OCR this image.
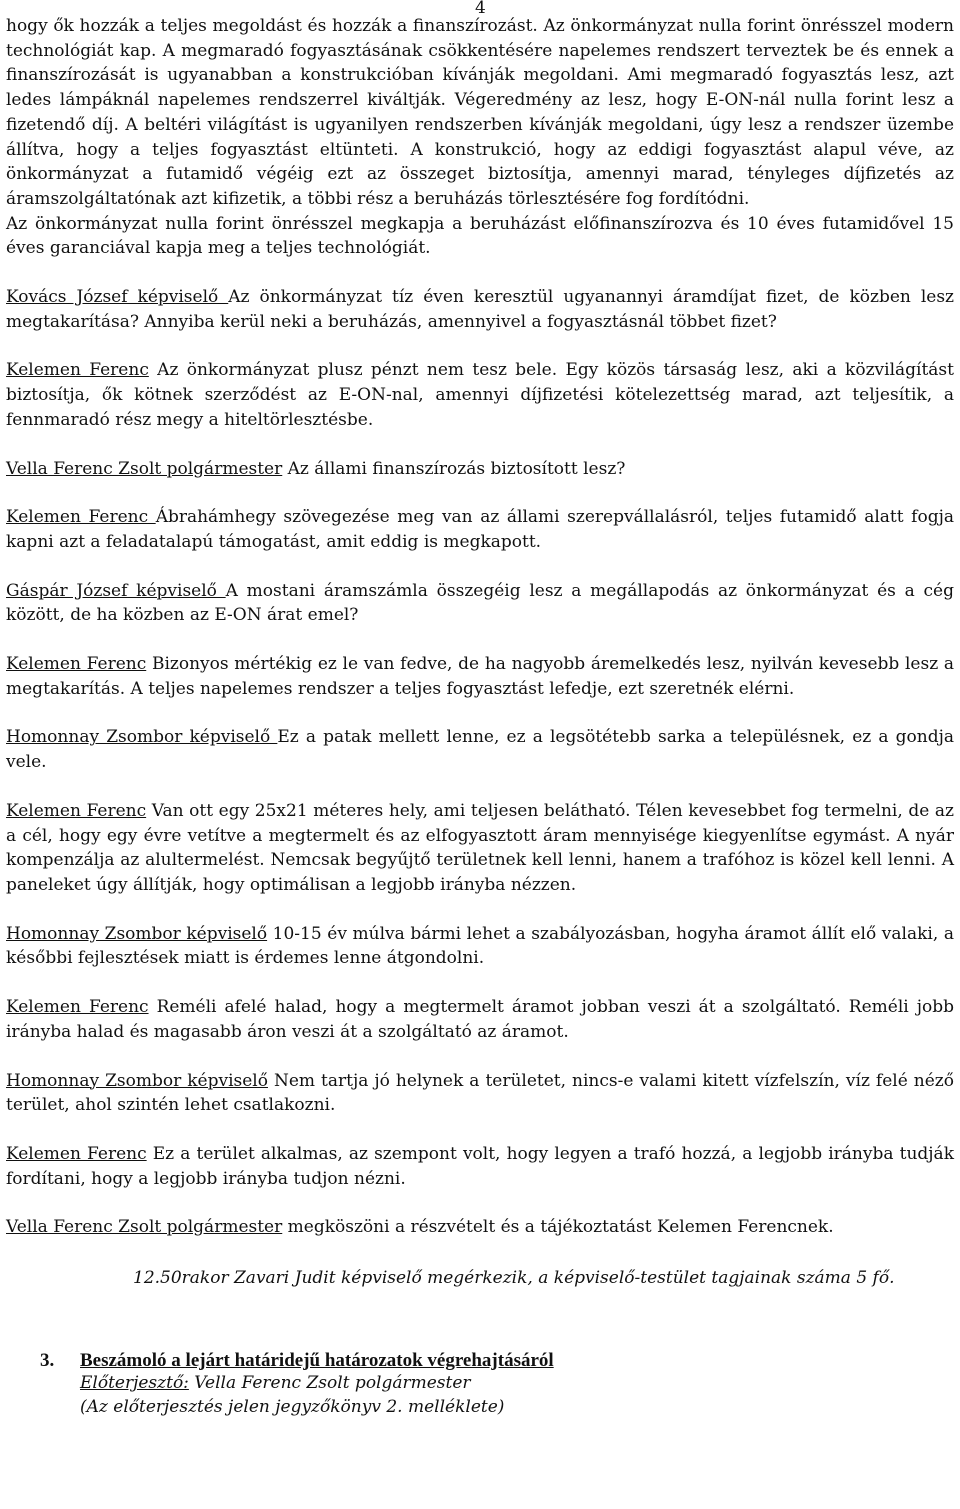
4

hogy ők hozzák a teljes megoldást és hozzák a finanszírozást. Az önkormányzat nulla forint önrésszel modern technológiát kap. A megmaradó fogyasztásának csökkentésére napelemes rendszert terveztek be és ennek a finanszírozását is ugyanabban a konstrukcióban kívánják megoldani. Ami megmaradó fogyasztás lesz, azt ledes lámpáknál napelemes rendszerrel kiváltják. Végeredmény az lesz, hogy E-ON-nál nulla forint lesz a fizetendő díj. A beltéri világítást is ugyanilyen rendszerben kívánják megoldani, úgy lesz a rendszer üzembe állítva, hogy a teljes fogyasztást eltünteti. A konstrukció, hogy az eddigi fogyasztást alapul véve, az önkormányzat a futamidő végéig ezt az összeget biztosítja, amennyi marad, tényleges díjfizetés az áramszolgáltatónak azt kifizetik, a többi rész a beruházás törlesztésére fog fordítódni.

Az önkormányzat nulla forint önrésszel megkapja a beruházást előfinanszírozva és 10 éves futamidővel 15 éves garanciával kapja meg a teljes technológiát.

Kovács József képviselő Az önkormányzat tíz éven keresztül ugyanannyi áramdíjat fizet, de közben lesz megtakarítása? Annyiba kerül neki a beruházás, amennyivel a fogyasztásnál többet fizet?

Kelemen Ferenc Az önkormányzat plusz pénzt nem tesz bele. Egy közös társaság lesz, aki a közvilágítást biztosítja, ők kötnek szerződést az E-ON-nal, amennyi díjfizetési kötelezettség marad, azt teljesítik, a fennmaradó rész megy a hiteltörlesztésbe.

Vella Ferenc Zsolt polgármester Az állami finanszírozás biztosított lesz?

Kelemen Ferenc Ábrahámhegy szövegezése meg van az állami szerepvállalásról, teljes futamidő alatt fogja kapni azt a feladatalapú támogatást, amit eddig is megkapott.

Gáspár József képviselő A mostani áramszámla összegéig lesz a megállapodás az önkormányzat és a cég között, de ha közben az E-ON árat emel?

Kelemen Ferenc Bizonyos mértékig ez le van fedve, de ha nagyobb áremelkedés lesz, nyilván kevesebb lesz a megtakarítás. A teljes napelemes rendszer a teljes fogyasztást lefedje, ezt szeretnék elérni.

Homonnay Zsombor képviselő Ez a patak mellett lenne, ez a legsötétebb sarka a településnek, ez a gondja vele.

Kelemen Ferenc Van ott egy 25x21 méteres hely, ami teljesen belátható. Télen kevesebbet fog termelni, de az a cél, hogy egy évre vetítve a megtermelt és az elfogyasztott áram mennyisége kiegyenlítse egymást. A nyár kompenzálja az alultermelést. Nemcsak begyűjtő területnek kell lenni, hanem a trafóhoz is közel kell lenni. A paneleket úgy állítják, hogy optimálisan a legjobb irányba nézzen.

Homonnay Zsombor képviselő 10-15 év múlva bármi lehet a szabályozásban, hogyha áramot állít elő valaki, a későbbi fejlesztések miatt is érdemes lenne átgondolni.

Kelemen Ferenc Reméli afelé halad, hogy a megtermelt áramot jobban veszi át a szolgáltató. Reméli jobb irányba halad és magasabb áron veszi át a szolgáltató az áramot.

Homonnay Zsombor képviselő Nem tartja jó helynek a területet, nincs-e valami kitett vízfelszín, víz felé néző terület, ahol szintén lehet csatlakozni.

Kelemen Ferenc Ez a terület alkalmas, az szempont volt, hogy legyen a trafó hozzá, a legjobb irányba tudják fordítani, hogy a legjobb irányba tudjon nézni.

Vella Ferenc Zsolt polgármester megköszöni a részvételt és a tájékoztatást Kelemen Ferencnek.

12.50rakor Zavari Judit képviselő megérkezik, a képviselő-testület tagjainak száma 5 fő.

3. Beszámoló a lejárt határidejű határozatok végrehajtásáról
Előterjesztő: Vella Ferenc Zsolt polgármester
(Az előterjesztés jelen jegyzőkönyv 2. melléklete)
